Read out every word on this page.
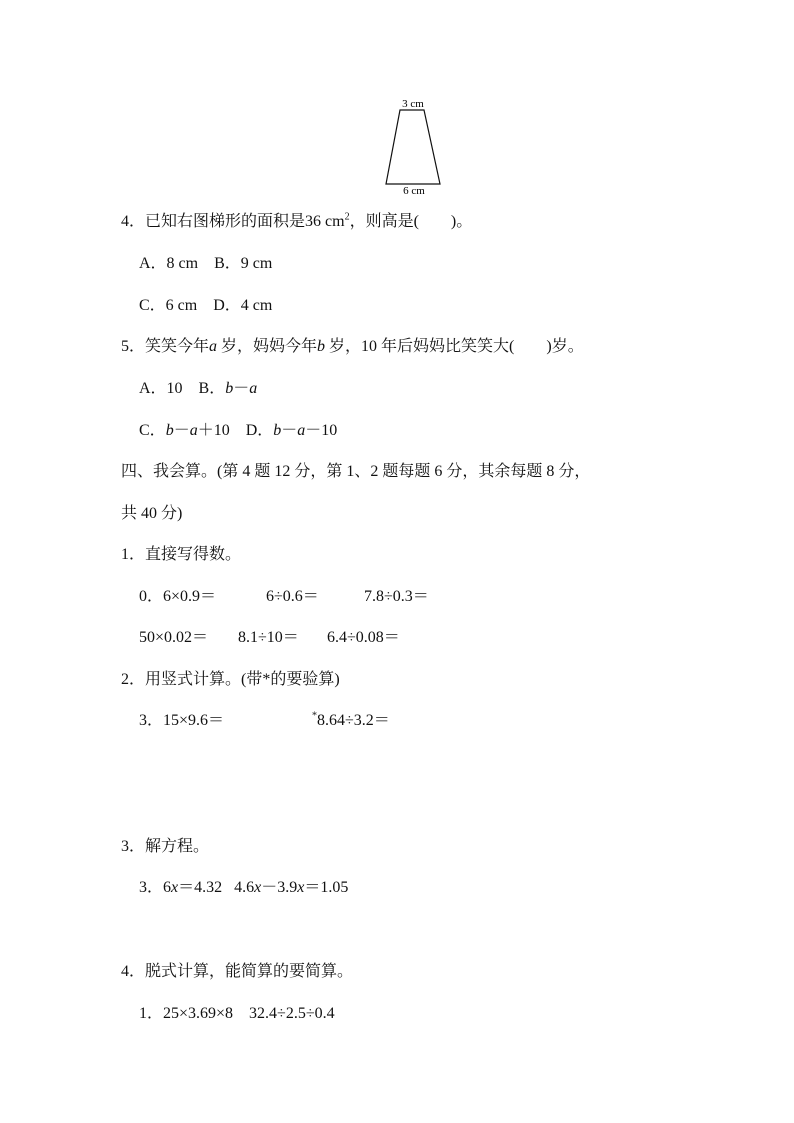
3 cm
6 cm
4．已知右图梯形的面积是36 $cm^2$，则高是(　　)。
A．8 cm　B．9 cm
C．6 cm　D．4 cm
5．笑笑今年a 岁，妈妈今年b 岁，10 年后妈妈比笑笑大(　　)岁。
A．10　B．b－a
C．b－a＋10　D．b－a－10
四、我会算。(第 4 题 12 分，第 1、2 题每题 6 分，其余每题 8 分，
共 40 分)
1．直接写得数。
0．6×0.9＝	6÷0.6＝	7.8÷0.3＝
50×0.02＝ 8.1÷10＝ 6.4÷0.08＝
2．用竖式计算。(带*的要验算)
3．15×9.6＝	*8.64÷3.2＝
3．解方程。
3．6x＝4.32 4.6x－3.9x＝1.05
4．脱式计算，能简算的要简算。
1．25×3.69×8　32.4÷2.5÷0.4
